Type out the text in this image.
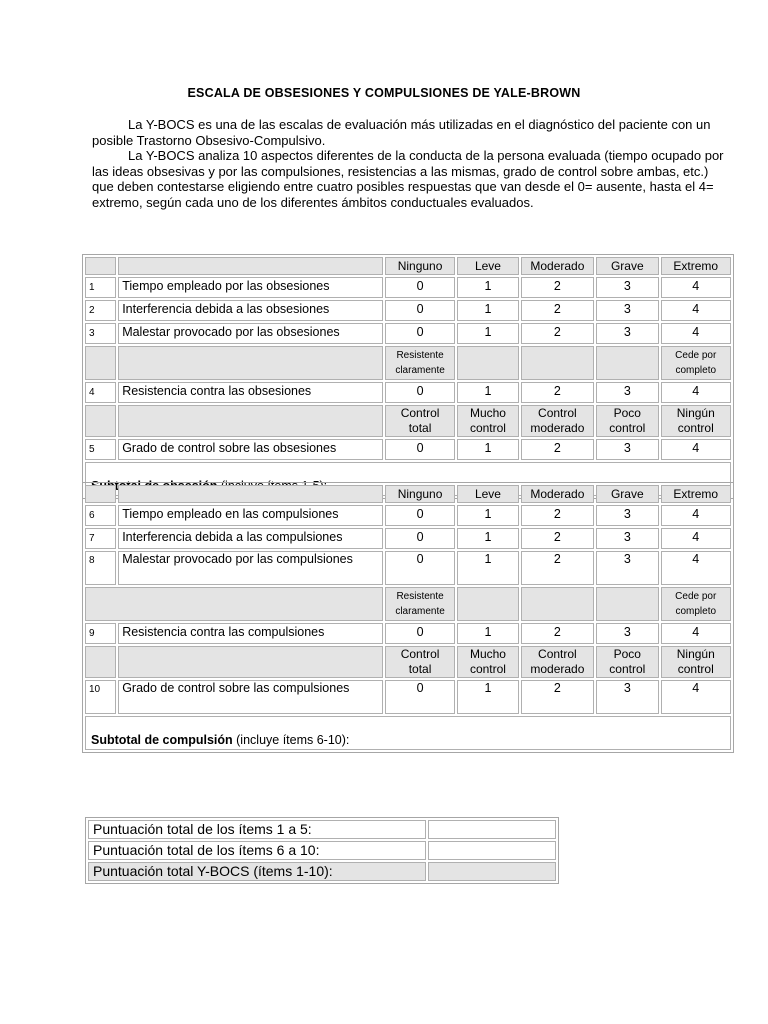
ESCALA DE OBSESIONES Y COMPULSIONES DE YALE-BROWN

La Y-BOCS es una de las escalas de evaluación más utilizadas en el diagnóstico del paciente con un posible Trastorno Obsesivo-Compulsivo.

La Y-BOCS analiza 10 aspectos diferentes de la conducta de la persona evaluada (tiempo ocupado por las ideas obsesivas y por las compulsiones, resistencias a las mismas, grado de control sobre ambas, etc.) que deben contestarse eligiendo entre cuatro posibles respuestas que van desde el 0= ausente, hasta el 4= extremo, según cada uno de los diferentes ámbitos conductuales evaluados.

		Ninguno	Leve	Moderado	Grave	Extremo
1	Tiempo empleado por las obsesiones	0	1	2	3	4
2	Interferencia debida a las obsesiones	0	1	2	3	4
3	Malestar provocado por las obsesiones	0	1	2	3	4
		Resistente claramente				Cede por completo
4	Resistencia contra las obsesiones	0	1	2	3	4
		Control total	Mucho control	Control moderado	Poco control	Ningún control
5	Grado de control sobre las obsesiones	0	1	2	3	4

		Ninguno	Leve	Moderado	Grave	Extremo
6	Tiempo empleado en las compulsiones	0	1	2	3	4
7	Interferencia debida a las compulsiones	0	1	2	3	4
8	Malestar provocado por las compulsiones	0	1	2	3	4
		Resistente claramente				Cede por completo
9	Resistencia contra las compulsiones	0	1	2	3	4
		Control total	Mucho control	Control moderado	Poco control	Ningún control
10	Grado de control sobre las compulsiones	0	1	2	3	4
Subtotal de compulsión (incluye ítems 6-10):						
Puntuación total de los ítems 1 a 5:	
Puntuación total de los ítems 6 a 10:	
Puntuación total Y-BOCS (ítems 1-10):	
